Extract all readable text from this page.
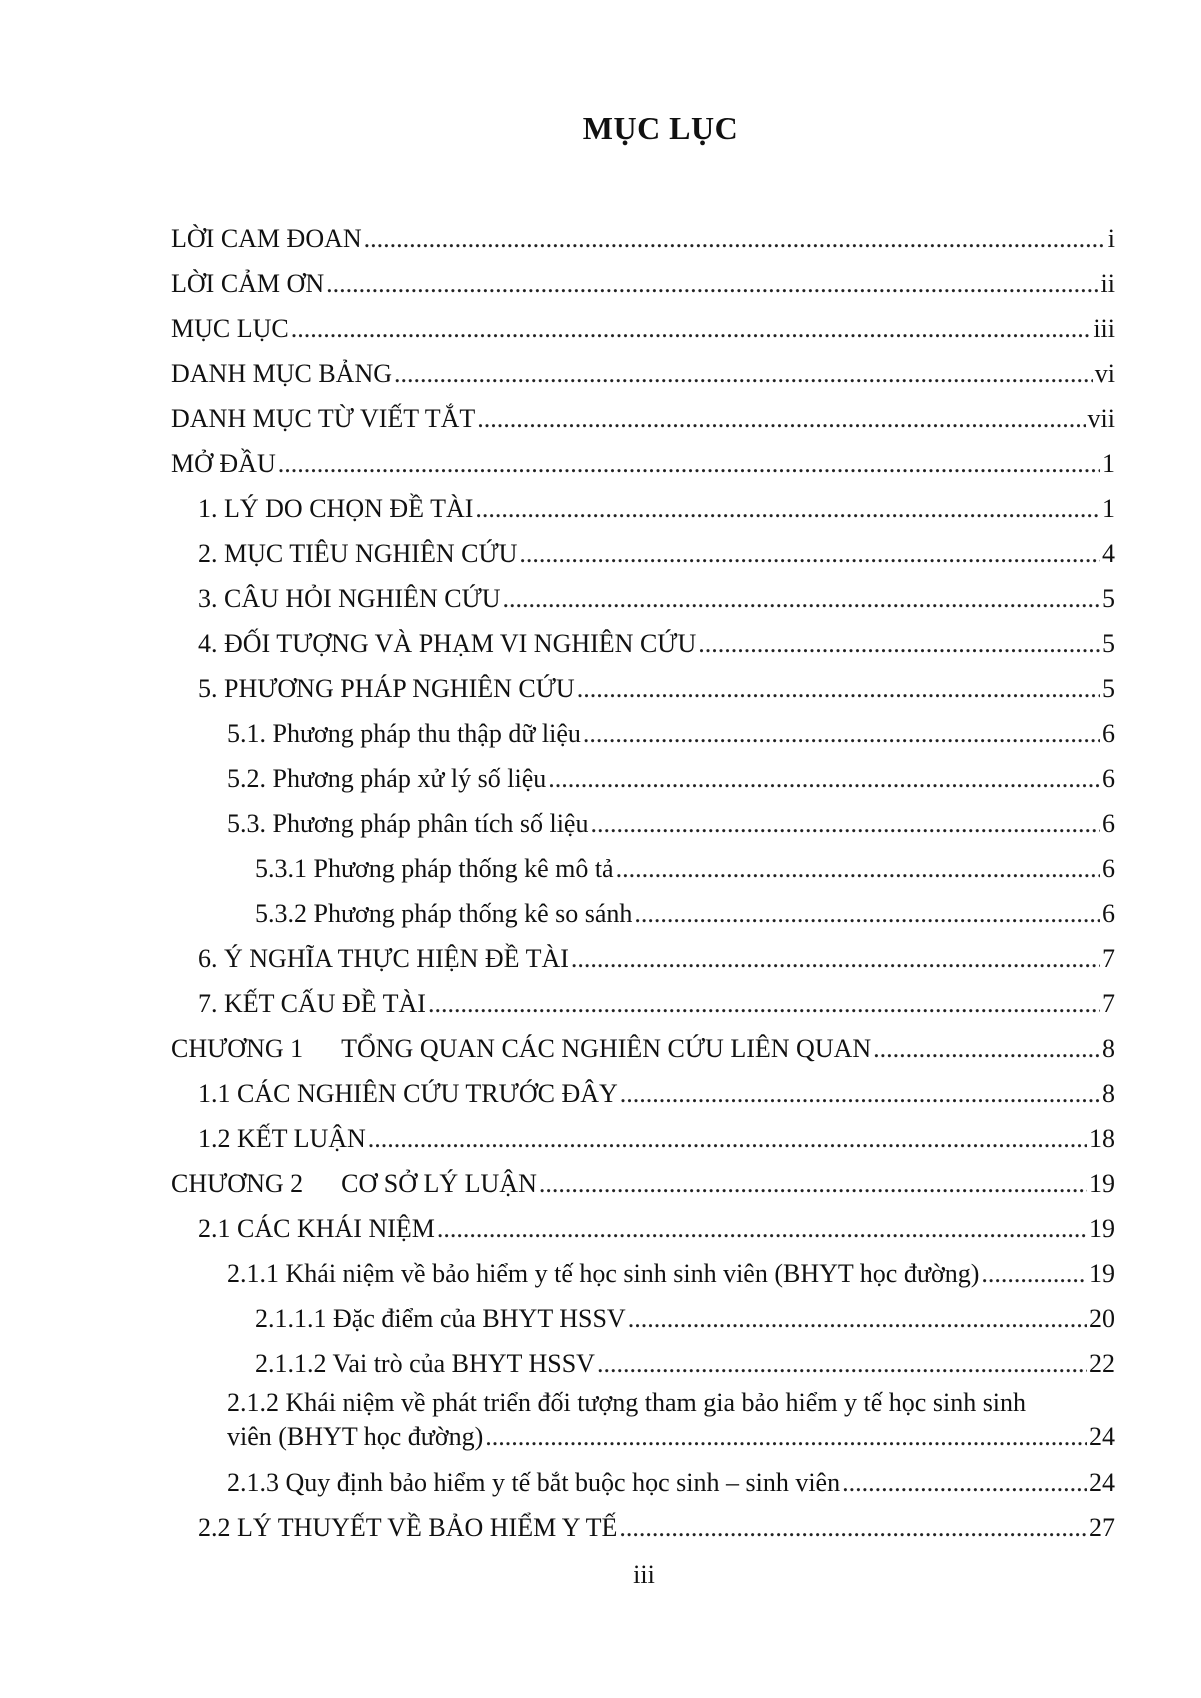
MỤC LỤC
LỜI CAM ĐOAN .....	i
LỜI CẢM ƠN .....	ii
MỤC LỤC .....	iii
DANH MỤC BẢNG .....	vi
DANH MỤC TỪ VIẾT TẮT .....	vii
MỞ ĐẦU .....	1
1. LÝ DO CHỌN ĐỀ TÀI .....	1
2. MỤC TIÊU NGHIÊN CỨU .....	4
3. CÂU HỎI NGHIÊN CỨU .....	5
4. ĐỐI TƯỢNG VÀ PHẠM VI NGHIÊN CỨU .....	5
5. PHƯƠNG PHÁP NGHIÊN CỨU .....	5
5.1. Phương pháp thu thập dữ liệu .....	6
5.2. Phương pháp xử lý số liệu .....	6
5.3. Phương pháp phân tích số liệu .....	6
5.3.1 Phương pháp thống kê mô tả .....	6
5.3.2 Phương pháp thống kê so sánh .....	6
6. Ý NGHĨA THỰC HIỆN ĐỀ TÀI .....	7
7. KẾT CẤU ĐỀ TÀI .....	7
CHƯƠNG 1 TỔNG QUAN CÁC NGHIÊN CỨU LIÊN QUAN .....	8
1.1 CÁC NGHIÊN CỨU TRƯỚC ĐÂY .....	8
1.2 KẾT LUẬN .....	18
CHƯƠNG 2 CƠ SỞ LÝ LUẬN .....	19
2.1 CÁC KHÁI NIỆM .....	19
2.1.1 Khái niệm về bảo hiểm y tế học sinh sinh viên (BHYT học đường) .....	19
2.1.1.1 Đặc điểm của BHYT HSSV .....	20
2.1.1.2 Vai trò của BHYT HSSV .....	22
2.1.2 Khái niệm về phát triển đối tượng tham gia bảo hiểm y tế học sinh sinh
viên (BHYT học đường) .....	24
2.1.3 Quy định bảo hiểm y tế bắt buộc học sinh – sinh viên .....	24
2.2 LÝ THUYẾT VỀ BẢO HIỂM Y TẾ .....	27
iii
